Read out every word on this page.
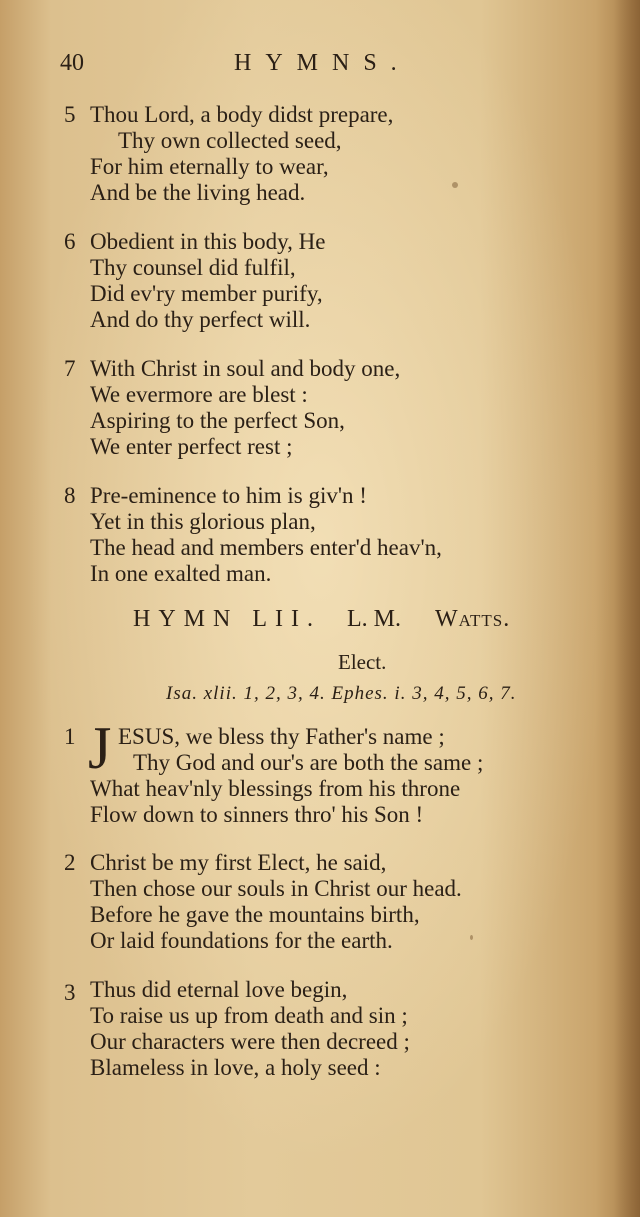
40	HYMNS.
5 Thou Lord, a body didst prepare,
Thy own collected seed,
For him eternally to wear,
And be the living head.
6 Obedient in this body, He
Thy counsel did fulfil,
Did ev'ry member purify,
And do thy perfect will.
7 With Christ in soul and body one,
We evermore are blest :
Aspiring to the perfect Son,
We enter perfect rest ;
8 Pre-eminence to him is giv'n !
Yet in this glorious plan,
The head and members enter'd heav'n,
In one exalted man.
HYMN LII. L. M. Watts.
Elect.
Isa. xlii. 1, 2, 3, 4. Ephes. i. 3, 4, 5, 6, 7.
1 J ESUS, we bless thy Father's name ;
Thy God and our's are both the same ;
What heav'nly blessings from his throne
Flow down to sinners thro' his Son !
2 Christ be my first Elect, he said,
Then chose our souls in Christ our head.
Before he gave the mountains birth,
Or laid foundations for the earth.
3 Thus did eternal love begin,
To raise us up from death and sin ;
Our characters were then decreed ;
Blameless in love, a holy seed :
